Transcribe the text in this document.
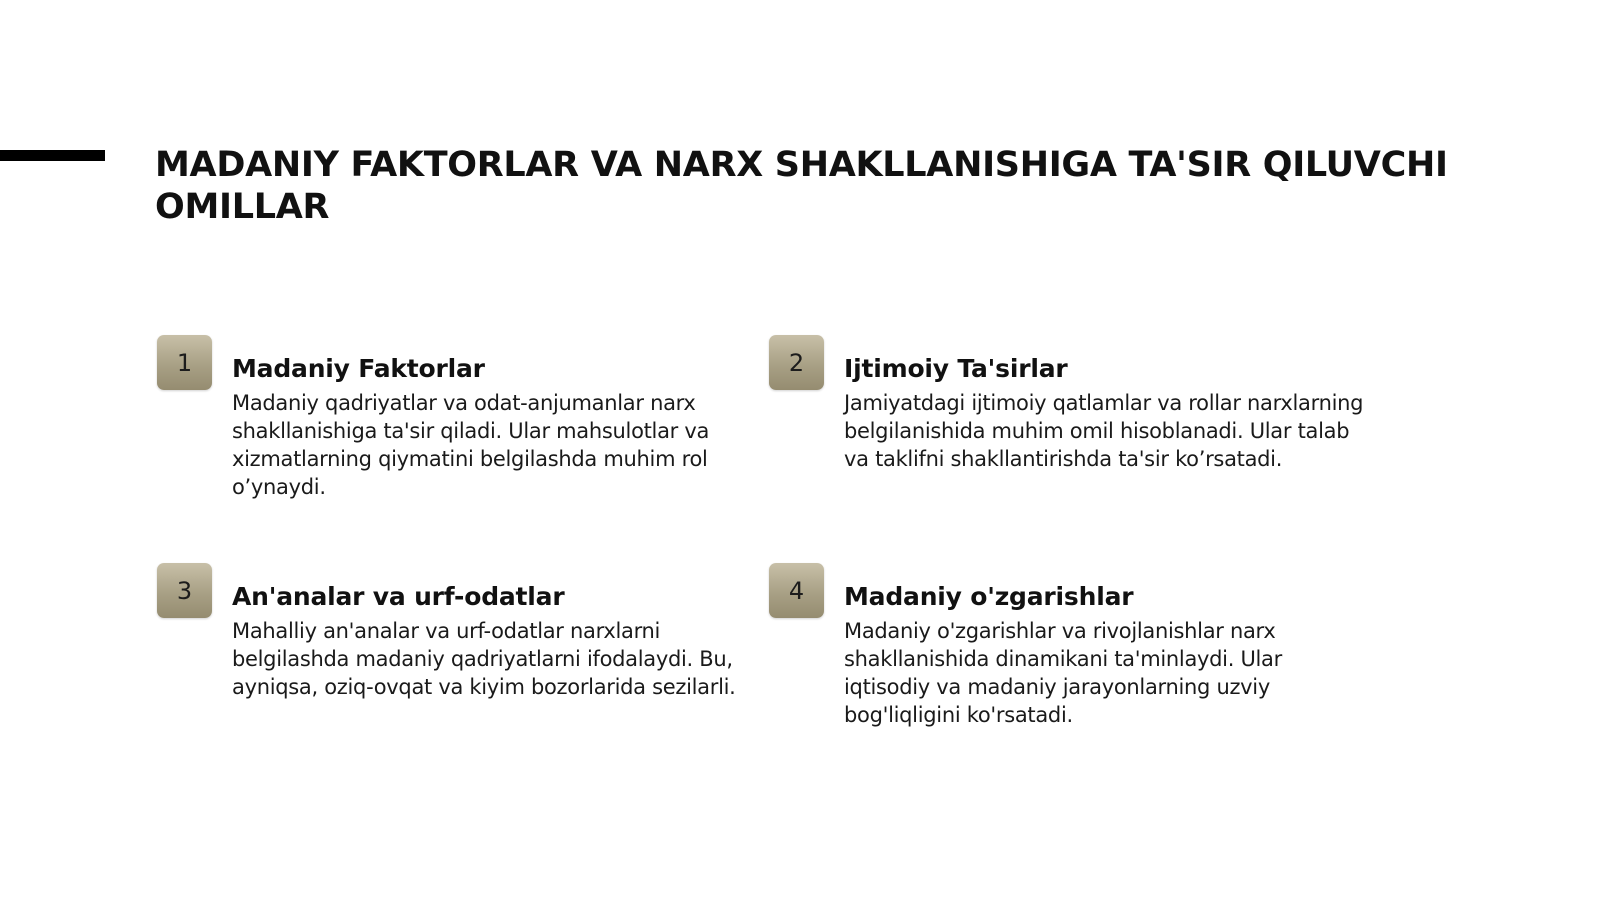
MADANIY FAKTORLAR VA NARX SHAKLLANISHIGA TA'SIR QILUVCHI OMILLAR
1	Madaniy Faktorlar

Madaniy qadriyatlar va odat-anjumanlar narx shakllanishiga ta'sir qiladi. Ular mahsulotlar va xizmatlarning qiymatini belgilashda muhim rol o’ynaydi.

2	Ijtimoiy Ta'sirlar

Jamiyatdagi ijtimoiy qatlamlar va rollar narxlarning belgilanishida muhim omil hisoblanadi. Ular talab va taklifni shakllantirishda ta'sir ko’rsatadi.

3	An'analar va urf-odatlar

Mahalliy an'analar va urf-odatlar narxlarni belgilashda madaniy qadriyatlarni ifodalaydi. Bu, ayniqsa, oziq-ovqat va kiyim bozorlarida sezilarli.

4	Madaniy o'zgarishlar

Madaniy o'zgarishlar va rivojlanishlar narx shakllanishida dinamikani ta'minlaydi. Ular iqtisodiy va madaniy jarayonlarning uzviy bog'liqligini ko'rsatadi.
